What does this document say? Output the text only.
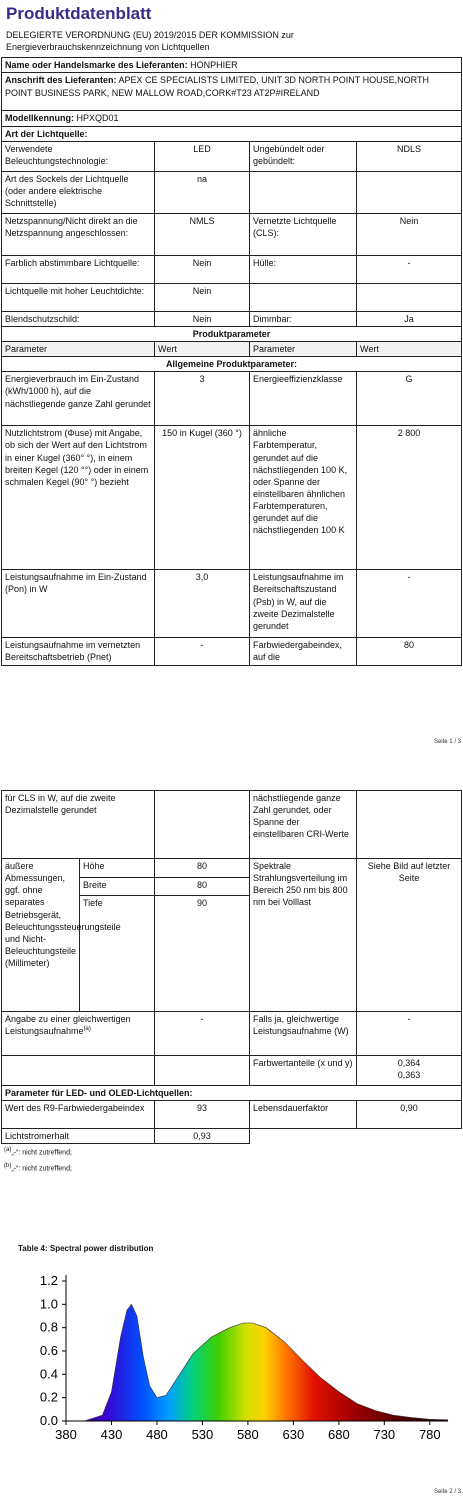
Produktdatenblatt
DELEGIERTE VERORDNUNG (EU) 2019/2015 DER KOMMISSION zur Energieverbrauchskennzeichnung von Lichtquellen
Name oder Handelsmarke des Lieferanten: HONPHIER			
Anschrift des Lieferanten: APEX CE SPECIALISTS LIMITED, UNIT 3D NORTH POINT HOUSE,NORTH POINT BUSINESS PARK, NEW MALLOW ROAD,CORK#T23 AT2P#IRELAND			
Modellkennung: HPXQD01			
Art der Lichtquelle:			
Verwendete Beleuchtungstechnologie:	LED	Ungebündelt oder gebündelt:	NDLS
Art des Sockels der Lichtquelle (oder andere elektrische Schnittstelle)	na		
Netzspannung/Nicht direkt an die Netzspannung angeschlossen:	NMLS	Vernetzte Lichtquelle (CLS):	Nein
Farblich abstimmbare Lichtquelle:	Nein	Hülle:	-
Lichtquelle mit hoher Leuchtdichte:	Nein		
Blendschutzschild:	Nein	Dimmbar:	Ja
Produktparameter			
Parameter	Wert	Parameter	Wert
Allgemeine Produktparameter:			
Energieverbrauch im Ein-Zustand (kWh/1000 h), auf die nächstliegende ganze Zahl gerundet	3	Energieeffizienzklasse	G
Nutzlichtstrom (Φuse) mit Angabe, ob sich der Wert auf den Lichtstrom in einer Kugel (360° °), in einem breiten Kegel (120 °°) oder in einem schmalen Kegel (90° °) bezieht	150 in Kugel (360 °)	ähnliche Farbtemperatur, gerundet auf die nächstliegenden 100 K, oder Spanne der einstellbaren ähnlichen Farbtemperaturen, gerundet auf die nächstliegenden 100 K	2 800
Leistungsaufnahme im Ein-Zustand (Pon) in W	3,0	Leistungsaufnahme im Bereitschaftszustand (Psb) in W, auf die zweite Dezimalstelle gerundet	-
Leistungsaufnahme im vernetzten Bereitschaftsbetrieb (Pnet)	-	Farbwiedergabeindex, auf die	80
Seite 1 / 3
für CLS in W, auf die zweite Dezimalstelle gerundet			nächstliegende ganze Zahl gerundet, oder Spanne der einstellbaren CRI-Werte	
äußere Abmessungen, ggf. ohne separates Betriebsgerät, Beleuchtungssteuerungsteile und Nicht-Beleuchtungsteile (Millimeter)	Höhe	80	Spektrale Strahlungsverteilung im Bereich 250 nm bis 800 nm bei Volllast	Siehe Bild auf letzter Seite
	Breite	80		
	Tiefe	90		
Angabe zu einer gleichwertigen Leistungsaufnahme$^{(a)}$		-	Falls ja, gleichwertige Leistungsaufnahme (W)	-
			Farbwertanteile (x und y)	0,364
0,363

Parameter für LED- und OLED-Lichtquellen:				
Wert des R9-Farbwiedergabeindex		93	Lebensdauerfaktor	0,90
Lichtstromerhalt		0,93		
(a)„-“: nicht zutreffend;
(b)„-“: nicht zutreffend;
Table 4: Spectral power distribution
0.0
0.2
0.4
0.6
0.8
1.0
1.2
380 430 480 530 580 630 680 730 780
Seite 2 / 3
